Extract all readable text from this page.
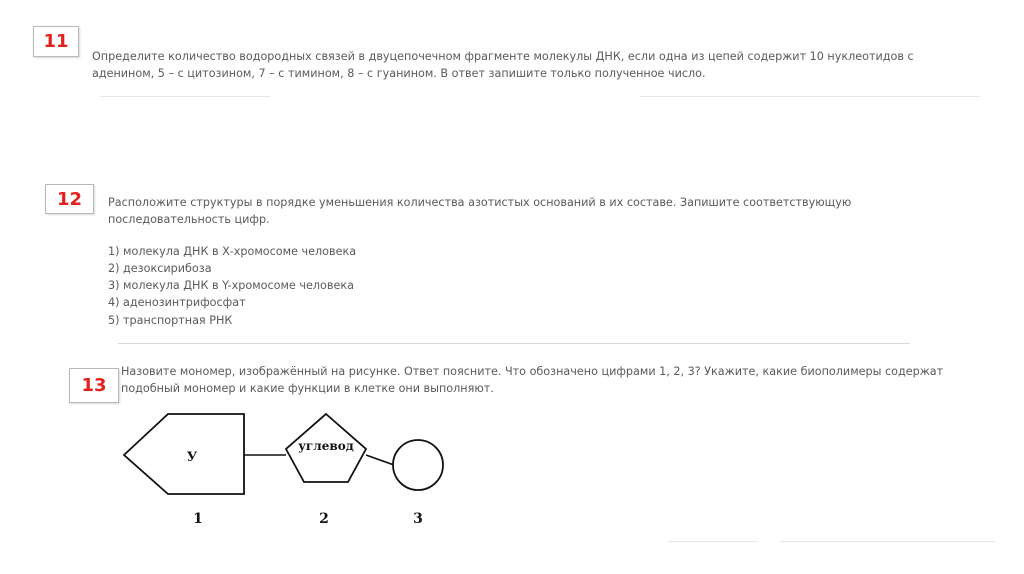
11
Определите количество водородных связей в двуцепочечном фрагменте молекулы ДНК, если одна из цепей содержит 10 нуклеотидов с
аденином, 5 – с цитозином, 7 – с тимином, 8 – с гуанином. В ответ запишите только полученное число.
12 Расположите структуры в порядке уменьшения количества азотистых оснований в их составе. Запишите соответствующую
последовательность цифр.
1) молекула ДНК в Х-хромосоме человека
2) дезоксирибоза
3) молекула ДНК в Y-хромосоме человека
4) аденозинтрифосфат
5) транспортная РНК
13
Назовите мономер, изображённый на рисунке. Ответ поясните. Что обозначено цифрами 1, 2, 3? Укажите, какие биополимеры содержат
подобный мономер и какие функции в клетке они выполняют.
У
углевод
1	2	3
